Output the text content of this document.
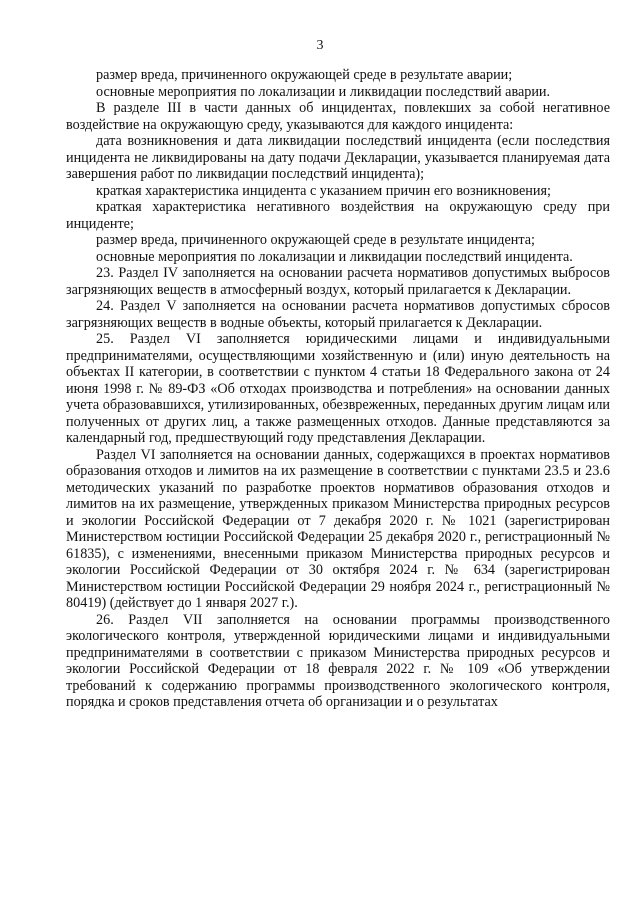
3

размер вреда, причиненного окружающей среде в результате аварии;

основные мероприятия по локализации и ликвидации последствий аварии.

В разделе III в части данных об инцидентах, повлекших за собой негативное воздействие на окружающую среду, указываются для каждого инцидента:

дата возникновения и дата ликвидации последствий инцидента (если последствия инцидента не ликвидированы на дату подачи Декларации, указывается планируемая дата завершения работ по ликвидации последствий инцидента);

краткая характеристика инцидента с указанием причин его возникновения;

краткая характеристика негативного воздействия на окружающую среду при инциденте;

размер вреда, причиненного окружающей среде в результате инцидента;

основные мероприятия по локализации и ликвидации последствий инцидента.

23. Раздел IV заполняется на основании расчета нормативов допустимых выбросов загрязняющих веществ в атмосферный воздух, который прилагается к Декларации.

24. Раздел V заполняется на основании расчета нормативов допустимых сбросов загрязняющих веществ в водные объекты, который прилагается к Декларации.

25. Раздел VI заполняется юридическими лицами и индивидуальными предпринимателями, осуществляющими хозяйственную и (или) иную деятельность на объектах II категории, в соответствии с пунктом 4 статьи 18 Федерального закона от 24 июня 1998 г. № 89-ФЗ «Об отходах производства и потребления» на основании данных учета образовавшихся, утилизированных, обезвреженных, переданных другим лицам или полученных от других лиц, а также размещенных отходов. Данные представляются за календарный год, предшествующий году представления Декларации.

Раздел VI заполняется на основании данных, содержащихся в проектах нормативов образования отходов и лимитов на их размещение в соответствии с пунктами 23.5 и 23.6 методических указаний по разработке проектов нормативов образования отходов и лимитов на их размещение, утвержденных приказом Министерства природных ресурсов и экологии Российской Федерации от 7 декабря 2020 г. № 1021 (зарегистрирован Министерством юстиции Российской Федерации 25 декабря 2020 г., регистрационный № 61835), с изменениями, внесенными приказом Министерства природных ресурсов и экологии Российской Федерации от 30 октября 2024 г. № 634 (зарегистрирован Министерством юстиции Российской Федерации 29 ноября 2024 г., регистрационный № 80419) (действует до 1 января 2027 г.).

26. Раздел VII заполняется на основании программы производственного экологического контроля, утвержденной юридическими лицами и индивидуальными предпринимателями в соответствии с приказом Министерства природных ресурсов и экологии Российской Федерации от 18 февраля 2022 г. № 109 «Об утверждении требований к содержанию программы производственного экологического контроля, порядка и сроков представления отчета об организации и о результатах
